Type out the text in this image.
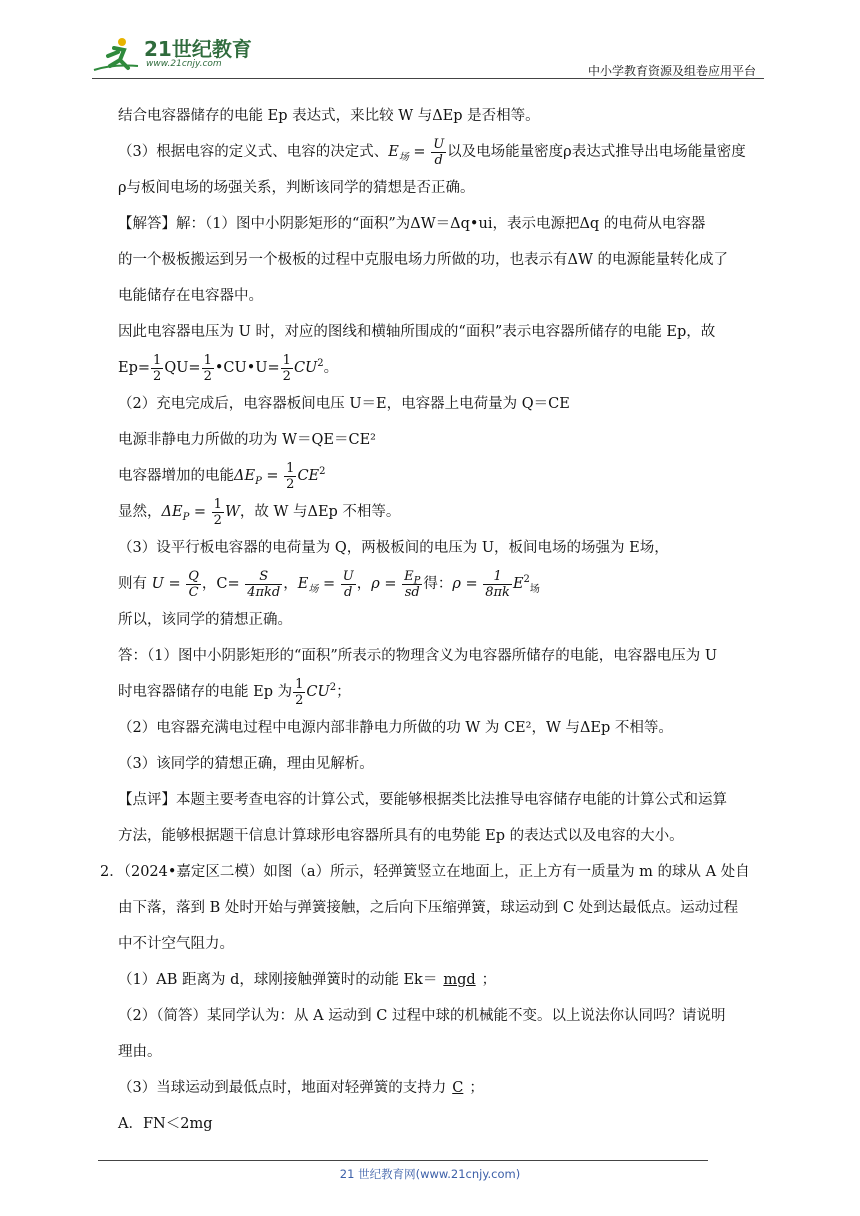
21世纪教育
www.21cnjy.com	中小学教育资源及组卷应用平台
结合电容器储存的电能 Ep 表达式，来比较 W 与ΔEp 是否相等。
（3）根据电容的定义式、电容的决定式、$E_场 = \frac{U}{d}$ 以及电场能量密度ρ表达式推导出电场能量密度
ρ与板间电场的场强关系，判断该同学的猜想是否正确。
【解答】解：（1）图中小阴影矩形的“面积”为ΔW＝Δq•ui，表示电源把Δq 的电荷从电容器
的一个极板搬运到另一个极板的过程中克服电场力所做的功，也表示有ΔW 的电源能量转化成了
电能储存在电容器中。
因此电容器电压为 U 时，对应的图线和横轴所围成的“面积”表示电容器所储存的电能 Ep，故
$Ep= \frac{1}{2} QU= \frac{1}{2}$ •CU•U= $\frac{1}{2} CU^2$。
（2）充电完成后，电容器板间电压 U＝E，电容器上电荷量为 Q＝CE
电源非静电力所做的功为 W＝QE＝CE²
电容器增加的电能$\Delta E_P = \frac{1}{2} CE^2$
显然，$\Delta E_P = \frac{1}{2}$ W，故 W 与ΔEp 不相等。
（3）设平行板电容器的电荷量为 Q，两极板间的电压为 U，板间电场的场强为 E场，
则有 $U = \frac{Q}{C}$ ，$C= \frac{S}{\text{4πkd}}$ ，$E_场 = \frac{U}{d}$ ，$\rho = \frac{E_P}{sd}$ 得：$\rho = \frac{1}{8\pi k} E^2_场$
所以，该同学的猜想正确。
答：（1）图中小阴影矩形的“面积”所表示的物理含义为电容器所储存的电能，电容器电压为 U
时电容器储存的电能 Ep 为 $\frac{1}{2} CU^2$；
（2）电容器充满电过程中电源内部非静电力所做的功 W 为 CE²，W 与ΔEp 不相等。
（3）该同学的猜想正确，理由见解析。
【点评】本题主要考查电容的计算公式，要能够根据类比法推导电容储存电能的计算公式和运算
方法，能够根据题干信息计算球形电容器所具有的电势能 Ep 的表达式以及电容的大小。
2．（2024•嘉定区二模）如图（a）所示，轻弹簧竖立在地面上，正上方有一质量为 m 的球从 A 处自
由下落，落到 B 处时开始与弹簧接触，之后向下压缩弹簧，球运动到 C 处到达最低点。运动过程
中不计空气阻力。
（1）AB 距离为 d，球刚接触弹簧时的动能 Ek＝ mgd ；
（2）（简答）某同学认为：从 A 运动到 C 过程中球的机械能不变。以上说法你认同吗？请说明
理由。
（3）当球运动到最低点时，地面对轻弹簧的支持力 C ；
A．FN＜2mg
21 世纪教育网(www.21cnjy.com)
